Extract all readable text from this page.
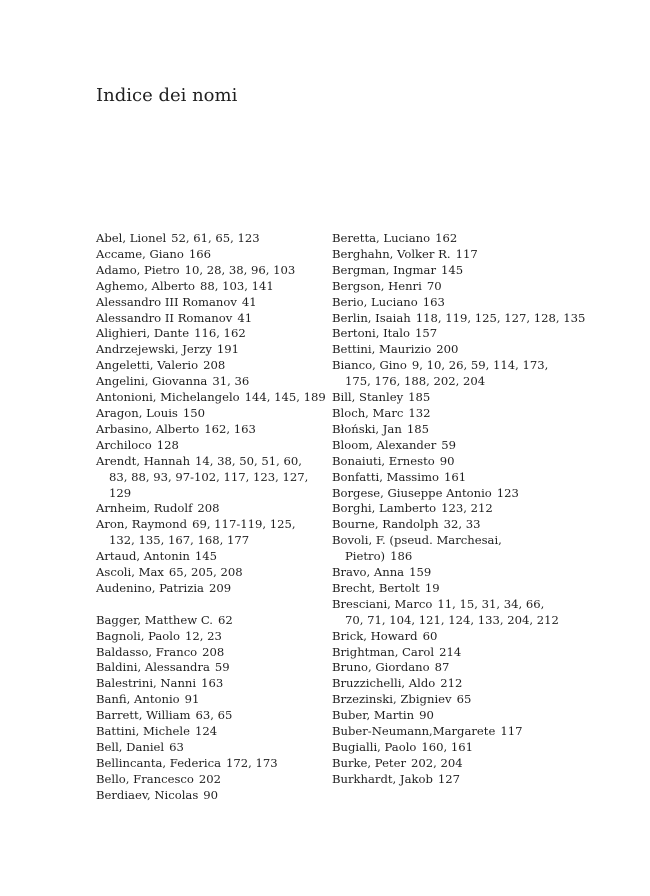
Indice dei nomi
Abel, Lionel 52, 61, 65, 123
Accame, Giano 166
Adamo, Pietro 10, 28, 38, 96, 103
Aghemo, Alberto 88, 103, 141
Alessandro III Romanov 41
Alessandro II Romanov 41
Alighieri, Dante 116, 162
Andrzejewski, Jerzy 191
Angeletti, Valerio 208
Angelini, Giovanna 31, 36
Antonioni, Michelangelo 144, 145, 189
Aragon, Louis 150
Arbasino, Alberto 162, 163
Archiloco 128
Arendt, Hannah 14, 38, 50, 51, 60, 83, 88, 93, 97-102, 117, 123, 127, 129
Arnheim, Rudolf 208
Aron, Raymond 69, 117-119, 125, 132, 135, 167, 168, 177
Artaud, Antonin 145
Ascoli, Max 65, 205, 208
Audenino, Patrizia 209
Bagger, Matthew C. 62
Bagnoli, Paolo 12, 23
Baldasso, Franco 208
Baldini, Alessandra 59
Balestrini, Nanni 163
Banfi, Antonio 91
Barrett, William 63, 65
Battini, Michele 124
Bell, Daniel 63
Bellincanta, Federica 172, 173
Bello, Francesco 202
Berdiaev, Nicolas 90
Beretta, Luciano 162
Berghahn, Volker R. 117
Bergman, Ingmar 145
Bergson, Henri 70
Berio, Luciano 163
Berlin, Isaiah 118, 119, 125, 127, 128, 135
Bertoni, Italo 157
Bettini, Maurizio 200
Bianco, Gino 9, 10, 26, 59, 114, 173, 175, 176, 188, 202, 204
Bill, Stanley 185
Bloch, Marc 132
Błoński, Jan 185
Bloom, Alexander 59
Bonaiuti, Ernesto 90
Bonfatti, Massimo 161
Borgese, Giuseppe Antonio 123
Borghi, Lamberto 123, 212
Bourne, Randolph 32, 33
Bovoli, F. (pseud. Marchesai, Pietro) 186
Bravo, Anna 159
Brecht, Bertolt 19
Bresciani, Marco 11, 15, 31, 34, 66, 70, 71, 104, 121, 124, 133, 204, 212
Brick, Howard 60
Brightman, Carol 214
Bruno, Giordano 87
Bruzzichelli, Aldo 212
Brzezinski, Zbigniev 65
Buber, Martin 90
Buber-Neumann,Margarete 117
Bugialli, Paolo 160, 161
Burke, Peter 202, 204
Burkhardt, Jakob 127
